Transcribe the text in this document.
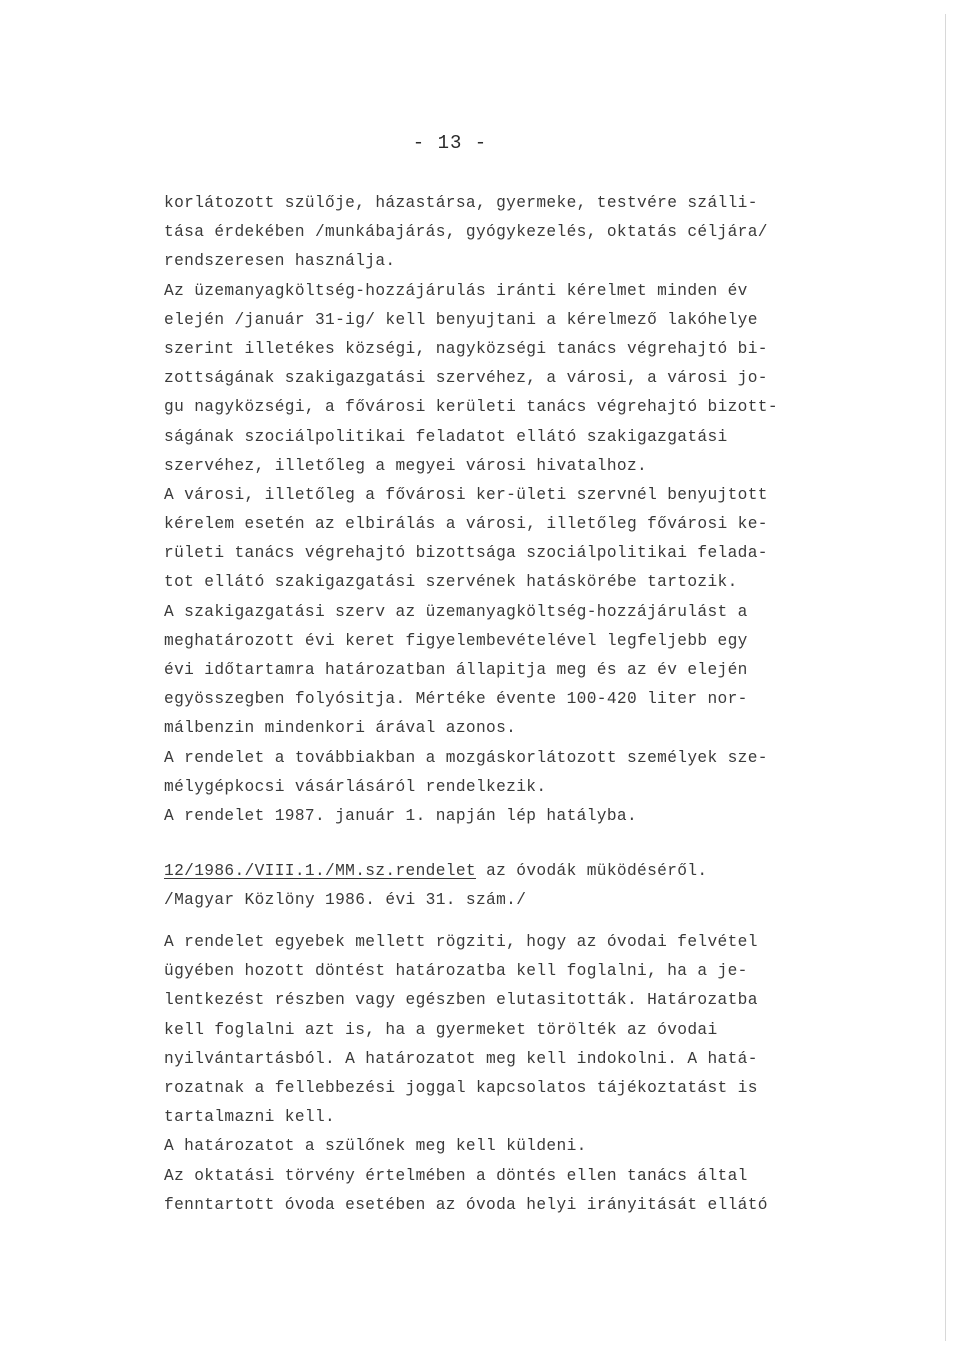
- 13 -
korlátozott szülője, házastársa, gyermeke, testvére szálli-
tása érdekében /munkábajárás, gyógykezelés, oktatás céljára/
rendszeresen használja.
Az üzemanyagköltség-hozzájárulás iránti kérelmet minden év
elején /január 31-ig/ kell benyujtani a kérelmező lakóhelye
szerint illetékes községi, nagyközségi tanács végrehajtó bi-
zottságának szakigazgatási szervéhez, a városi, a városi jo-
gu nagyközségi, a fővárosi kerületi tanács végrehajtó bizott-
ságának szociálpolitikai feladatot ellátó szakigazgatási
szervéhez, illetőleg a megyei városi hivatalhoz.
A városi, illetőleg a fővárosi ker-ületi szervnél benyujtott
kérelem esetén az elbirálás a városi, illetőleg fővárosi ke-
rületi tanács végrehajtó bizottsága szociálpolitikai felada-
tot ellátó szakigazgatási szervének hatáskörébe tartozik.
A szakigazgatási szerv az üzemanyagköltség-hozzájárulást a
meghatározott évi keret figyelembevételével legfeljebb egy
évi időtartamra határozatban állapitja meg és az év elején
egyösszegben folyósitja. Mértéke évente 100-420 liter nor-
málbenzin mindenkori árával azonos.
A rendelet a továbbiakban a mozgáskorlátozott személyek sze-
mélygépkocsi vásárlásáról rendelkezik.
A rendelet 1987. január 1. napján lép hatályba.
12/1986./VIII.1./MM.sz.rendelet az óvodák müködéséről.
/Magyar Közlöny 1986. évi 31. szám./
A rendelet egyebek mellett rögziti, hogy az óvodai felvétel
ügyében hozott döntést határozatba kell foglalni, ha a je-
lentkezést részben vagy egészben elutasitották. Határozatba
kell foglalni azt is, ha a gyermeket törölték az óvodai
nyilvántartásból. A határozatot meg kell indokolni. A hatá-
rozatnak a fellebbezési joggal kapcsolatos tájékoztatást is
tartalmazni kell.
A határozatot a szülőnek meg kell küldeni.
Az oktatási törvény értelmében a döntés ellen tanács által
fenntartott óvoda esetében az óvoda helyi irányitását ellátó
